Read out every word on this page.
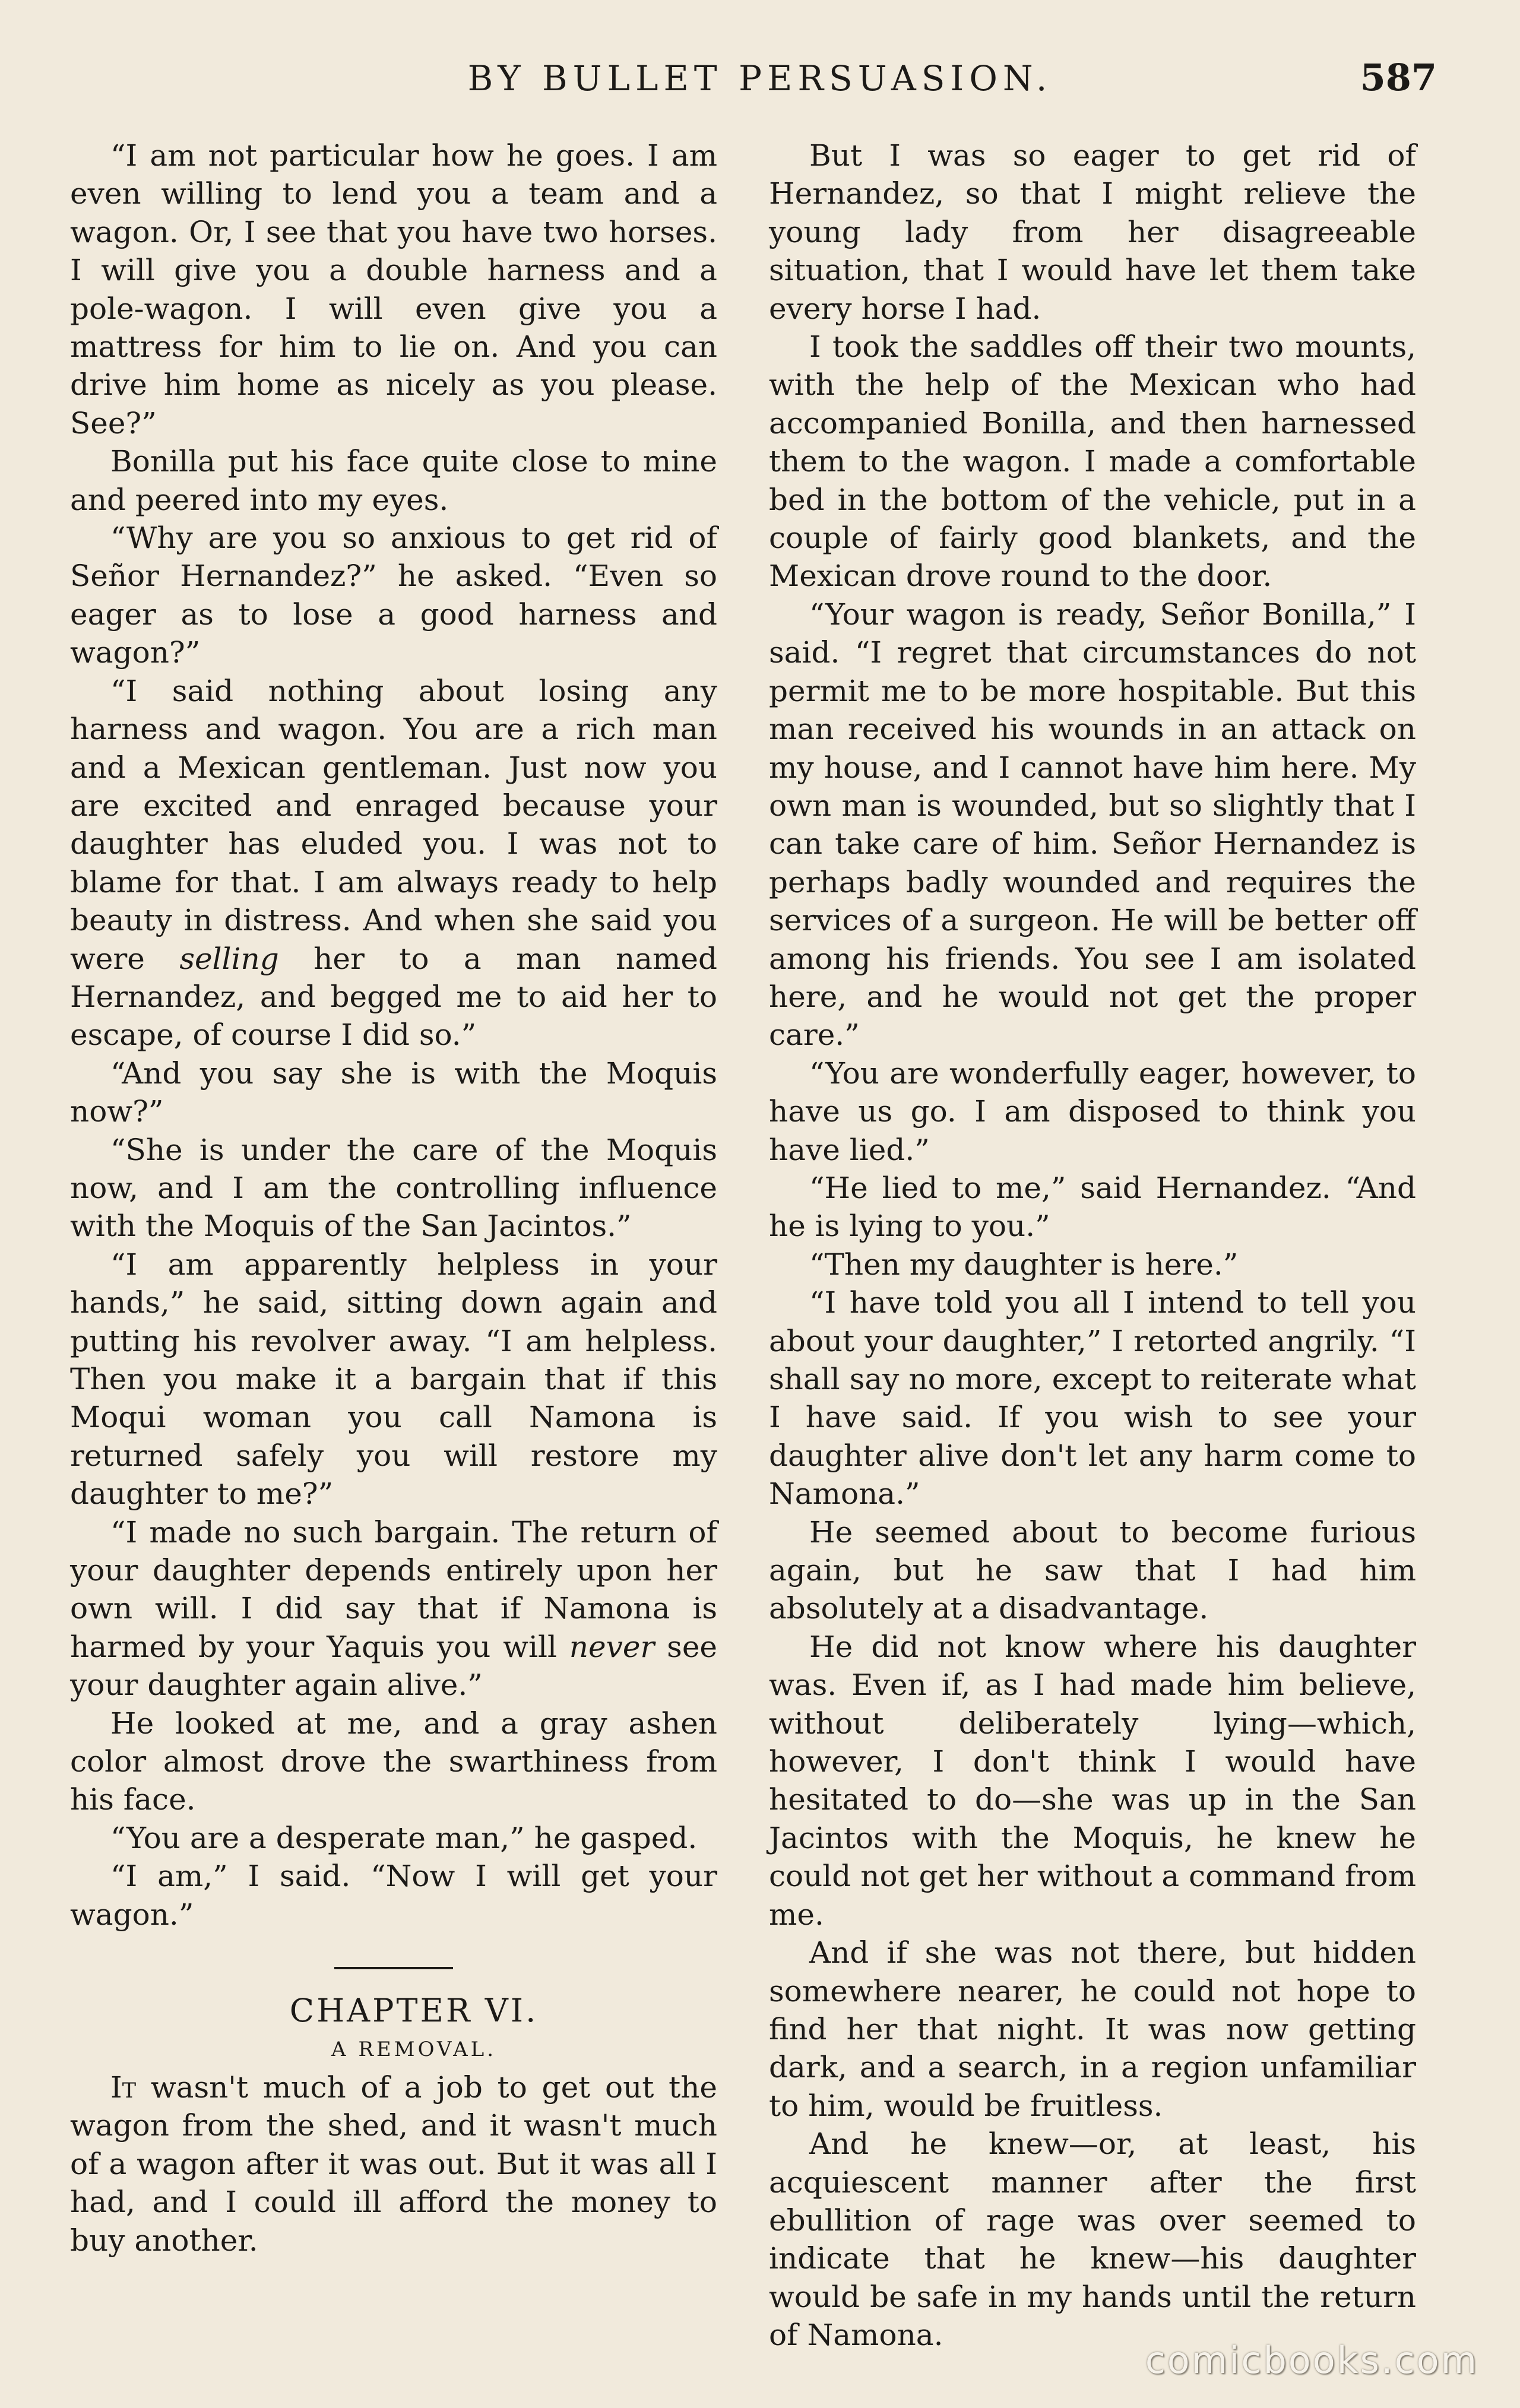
BY BULLET PERSUASION.	587

“I am not particular how he goes. I am even willing to lend you a team and a wagon. Or, I see that you have two horses. I will give you a double harness and a pole-wagon. I will even give you a mattress for him to lie on. And you can drive him home as nicely as you please. See?”

Bonilla put his face quite close to mine and peered into my eyes.

“Why are you so anxious to get rid of Señor Hernandez?” he asked. “Even so eager as to lose a good harness and wagon?”

“I said nothing about losing any harness and wagon. You are a rich man and a Mexican gentleman. Just now you are excited and enraged because your daughter has eluded you. I was not to blame for that. I am always ready to help beauty in distress. And when she said you were selling her to a man named Hernandez, and begged me to aid her to escape, of course I did so.”

“And you say she is with the Moquis now?”

“She is under the care of the Moquis now, and I am the controlling influence with the Moquis of the San Jacintos.”

“I am apparently helpless in your hands,” he said, sitting down again and putting his revolver away. “I am helpless. Then you make it a bargain that if this Moqui woman you call Namona is returned safely you will restore my daughter to me?”

“I made no such bargain. The return of your daughter depends entirely upon her own will. I did say that if Namona is harmed by your Yaquis you will never see your daughter again alive.”

He looked at me, and a gray ashen color almost drove the swarthiness from his face.

“You are a desperate man,” he gasped.

“I am,” I said. “Now I will get your wagon.”

CHAPTER VI.

A REMOVAL.

It wasn't much of a job to get out the wagon from the shed, and it wasn't much of a wagon after it was out. But it was all I had, and I could ill afford the money to buy another.

But I was so eager to get rid of Hernandez, so that I might relieve the young lady from her disagreeable situation, that I would have let them take every horse I had.

I took the saddles off their two mounts, with the help of the Mexican who had accompanied Bonilla, and then harnessed them to the wagon. I made a comfortable bed in the bottom of the vehicle, put in a couple of fairly good blankets, and the Mexican drove round to the door.

“Your wagon is ready, Señor Bonilla,” I said. “I regret that circumstances do not permit me to be more hospitable. But this man received his wounds in an attack on my house, and I cannot have him here. My own man is wounded, but so slightly that I can take care of him. Señor Hernandez is perhaps badly wounded and requires the services of a surgeon. He will be better off among his friends. You see I am isolated here, and he would not get the proper care.”

“You are wonderfully eager, however, to have us go. I am disposed to think you have lied.”

“He lied to me,” said Hernandez. “And he is lying to you.”

“Then my daughter is here.”

“I have told you all I intend to tell you about your daughter,” I retorted angrily. “I shall say no more, except to reiterate what I have said. If you wish to see your daughter alive don't let any harm come to Namona.”

He seemed about to become furious again, but he saw that I had him absolutely at a disadvantage.

He did not know where his daughter was. Even if, as I had made him believe, without deliberately lying—which, however, I don't think I would have hesitated to do—she was up in the San Jacintos with the Moquis, he knew he could not get her without a command from me.

And if she was not there, but hidden somewhere nearer, he could not hope to find her that night. It was now getting dark, and a search, in a region unfamiliar to him, would be fruitless.

And he knew—or, at least, his acquiescent manner after the first ebullition of rage was over seemed to indicate that he knew—his daughter would be safe in my hands until the return of Namona.

comicbooks.com
